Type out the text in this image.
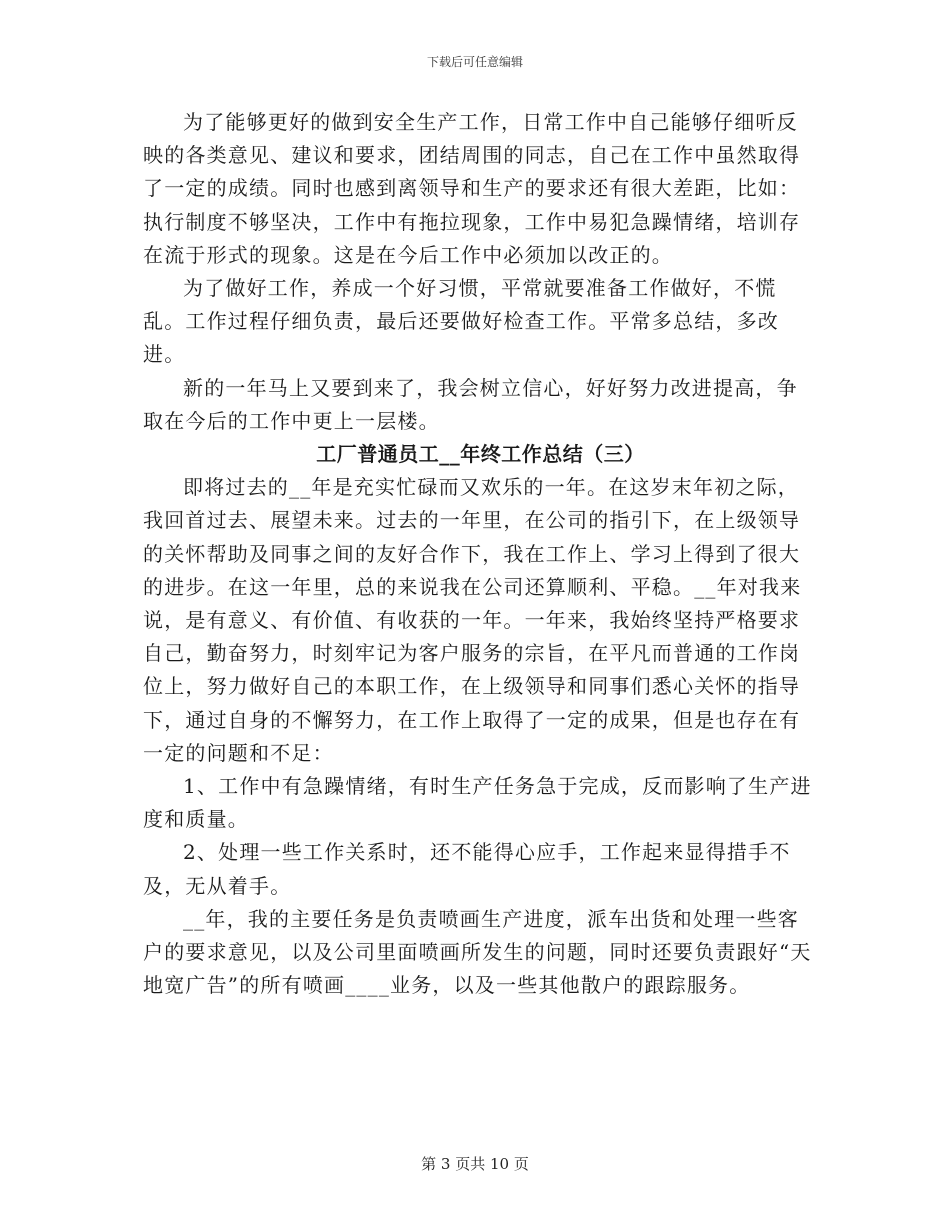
下载后可任意编辑

为了能够更好的做到安全生产工作，日常工作中自己能够仔细听反映的各类意见、建议和要求，团结周围的同志，自己在工作中虽然取得了一定的成绩。同时也感到离领导和生产的要求还有很大差距，比如：执行制度不够坚决，工作中有拖拉现象，工作中易犯急躁情绪，培训存在流于形式的现象。这是在今后工作中必须加以改正的。

为了做好工作，养成一个好习惯，平常就要准备工作做好，不慌乱。工作过程仔细负责，最后还要做好检查工作。平常多总结，多改进。

新的一年马上又要到来了，我会树立信心，好好努力改进提高，争取在今后的工作中更上一层楼。

工厂普通员工__年终工作总结（三）

即将过去的__年是充实忙碌而又欢乐的一年。在这岁末年初之际，我回首过去、展望未来。过去的一年里，在公司的指引下，在上级领导的关怀帮助及同事之间的友好合作下，我在工作上、学习上得到了很大的进步。在这一年里，总的来说我在公司还算顺利、平稳。__年对我来说，是有意义、有价值、有收获的一年。一年来，我始终坚持严格要求自己，勤奋努力，时刻牢记为客户服务的宗旨，在平凡而普通的工作岗位上，努力做好自己的本职工作，在上级领导和同事们悉心关怀的指导下，通过自身的不懈努力，在工作上取得了一定的成果，但是也存在有一定的问题和不足：

1、工作中有急躁情绪，有时生产任务急于完成，反而影响了生产进度和质量。

2、处理一些工作关系时，还不能得心应手，工作起来显得措手不及，无从着手。

__年，我的主要任务是负责喷画生产进度，派车出货和处理一些客户的要求意见，以及公司里面喷画所发生的问题，同时还要负责跟好“天地宽广告”的所有喷画____业务，以及一些其他散户的跟踪服务。

第 3 页共 10 页
